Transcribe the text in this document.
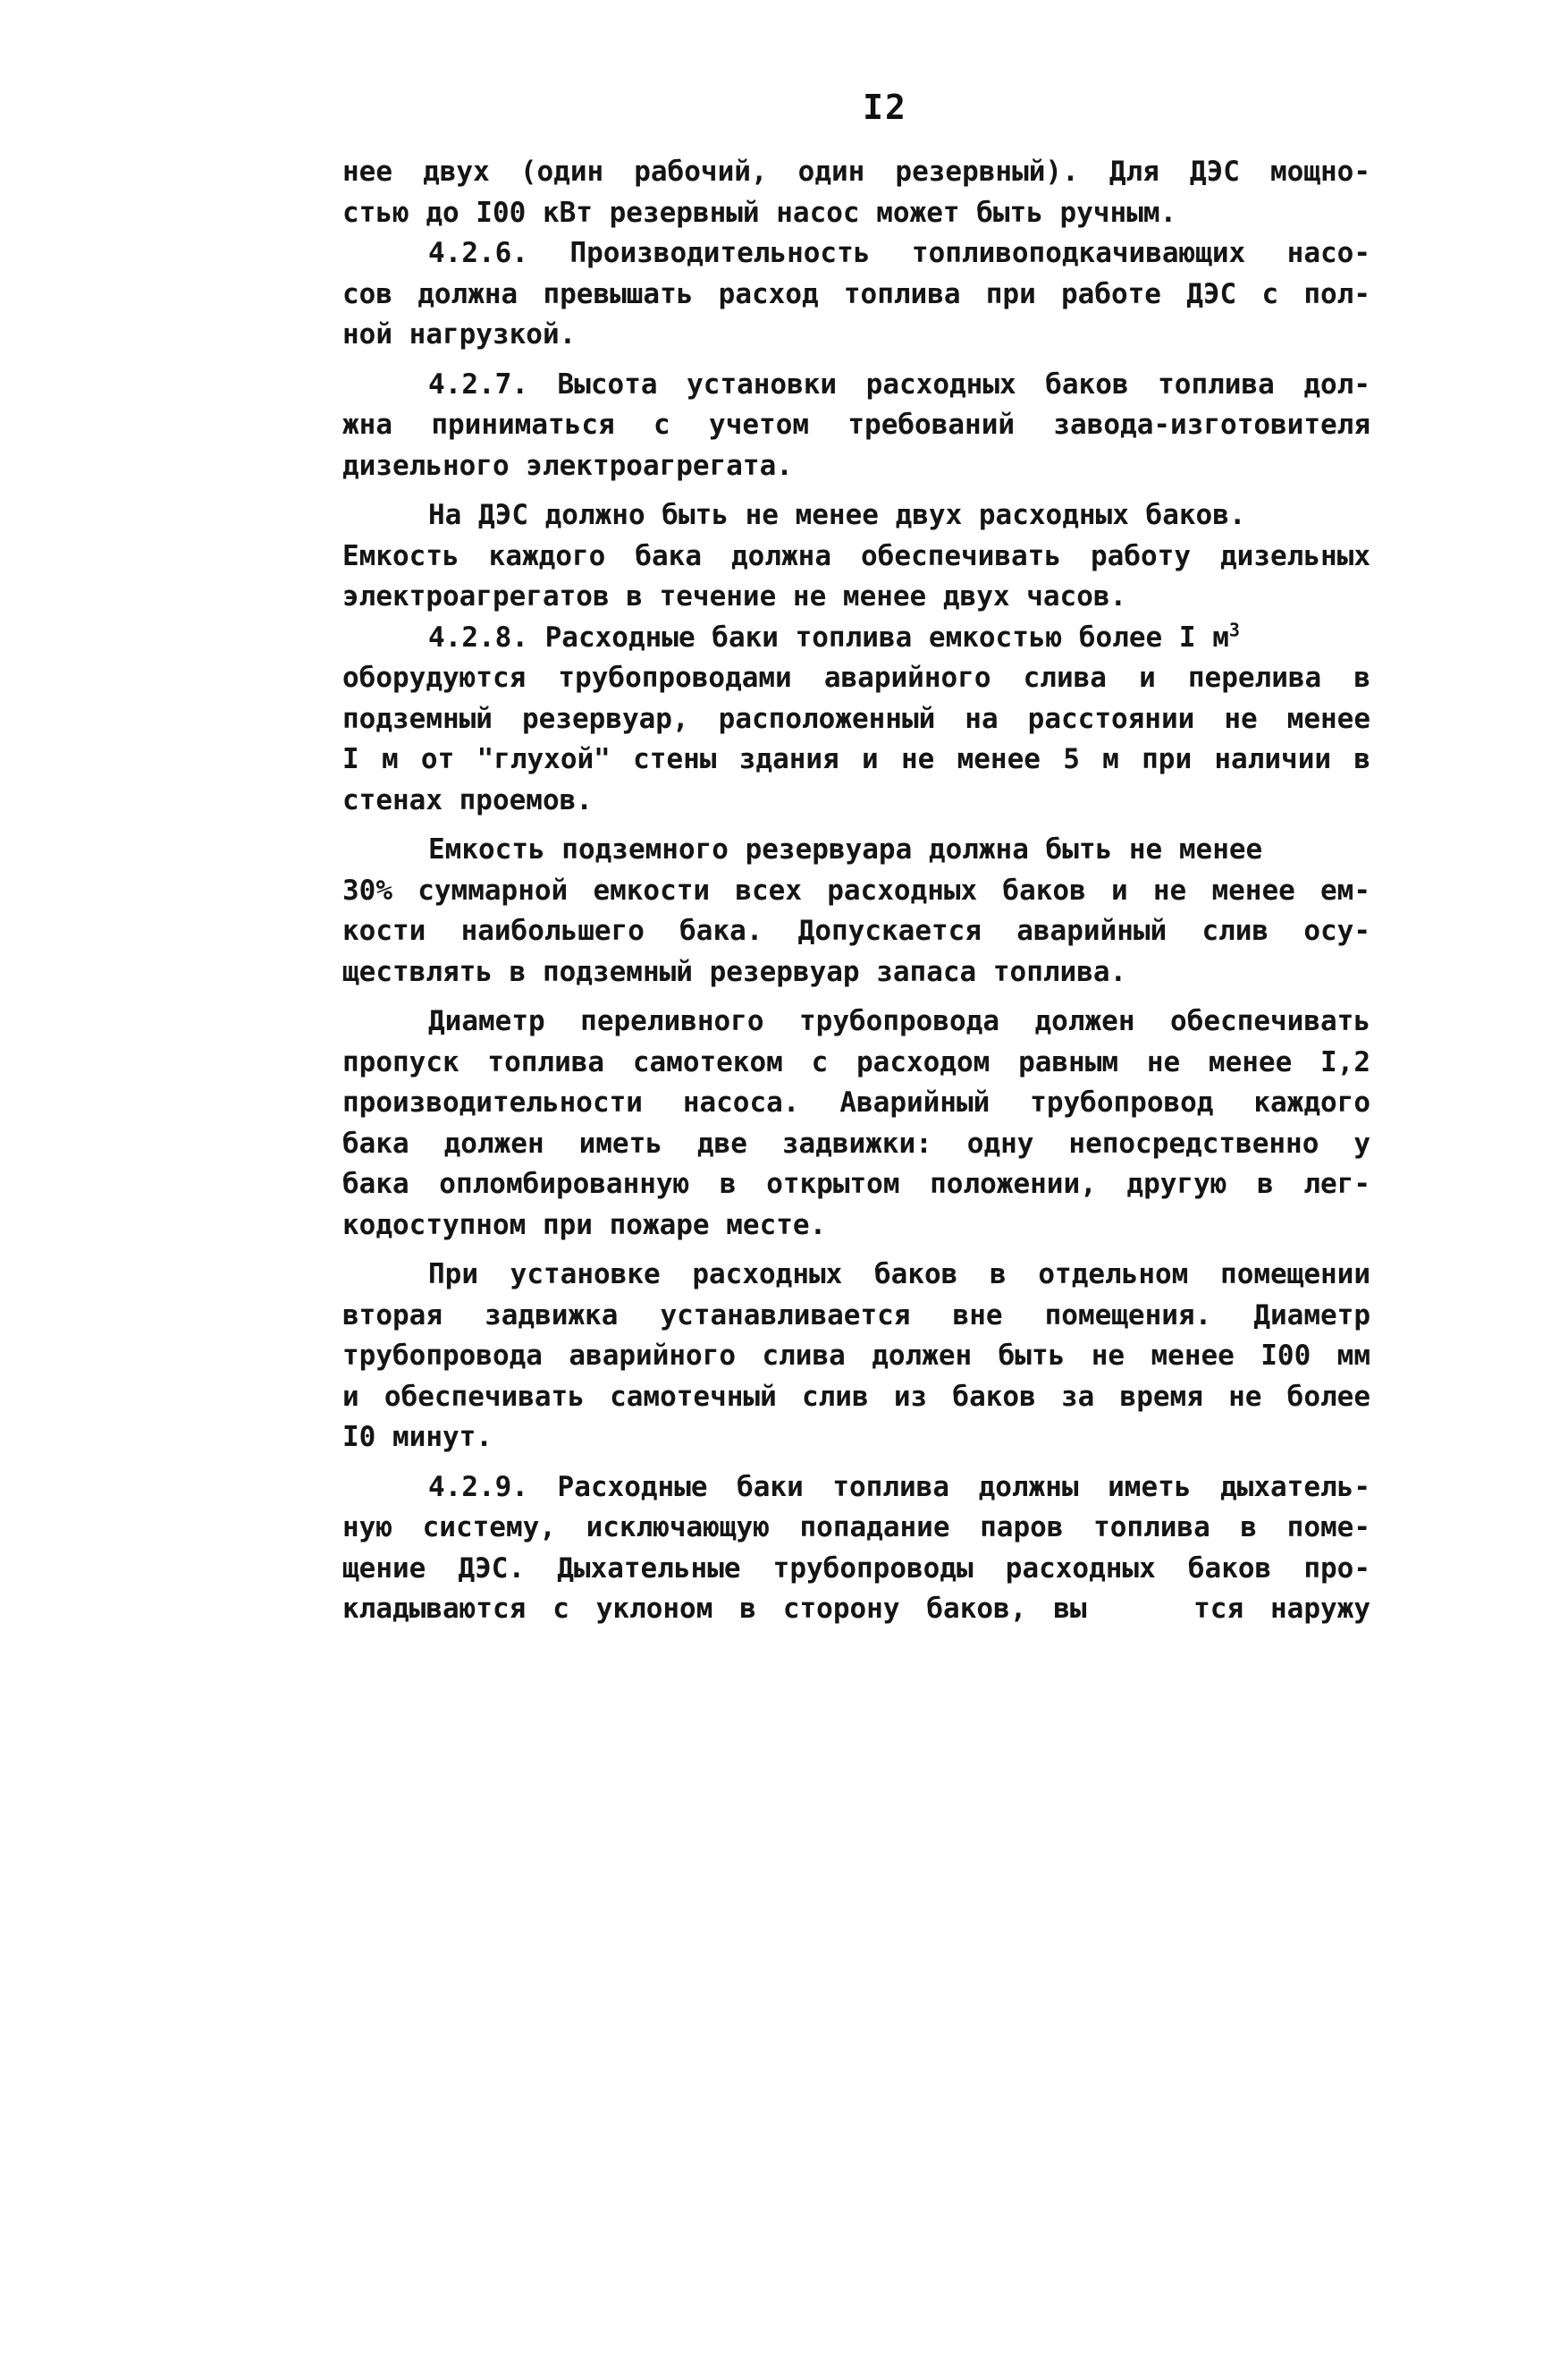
I2
нее двух (один рабочий, один резервный). Для ДЭС мощно-
стью до I00 кВт резервный насос может быть ручным.
4.2.6. Производительность топливоподкачивающих насо-
сов должна превышать расход топлива при работе ДЭС с пол-
ной нагрузкой.
4.2.7. Высота установки расходных баков топлива дол-
жна приниматься с учетом требований завода-изготовителя
дизельного электроагрегата.
На ДЭС должно быть не менее двух расходных баков.
Емкость каждого бака должна обеспечивать работу дизельных
электроагрегатов в течение не менее двух часов.
4.2.8. Расходные баки топлива емкостью более I $м^3$
оборудуются трубопроводами аварийного слива и перелива в
подземный резервуар, расположенный на расстоянии не менее
I м от "глухой" стены здания и не менее 5 м при наличии в
стенах проемов.
Емкость подземного резервуара должна быть не менее
30% суммарной емкости всех расходных баков и не менее ем-
кости наибольшего бака. Допускается аварийный слив осу-
ществлять в подземный резервуар запаса топлива.
Диаметр переливного трубопровода должен обеспечивать
пропуск топлива самотеком с расходом равным не менее I,2
производительности насоса. Аварийный трубопровод каждого
бака должен иметь две задвижки: одну непосредственно у
бака опломбированную в открытом положении, другую в лег-
кодоступном при пожаре месте.
При установке расходных баков в отдельном помещении
вторая задвижка устанавливается вне помещения. Диаметр
трубопровода аварийного слива должен быть не менее I00 мм
и обеспечивать самотечный слив из баков за время не более
I0 минут.
4.2.9. Расходные баки топлива должны иметь дыхатель-
ную систему, исключающую попадание паров топлива в поме-
щение ДЭС. Дыхательные трубопроводы расходных баков про-
кладываются с уклоном в сторону баков, вы    тся наружу
